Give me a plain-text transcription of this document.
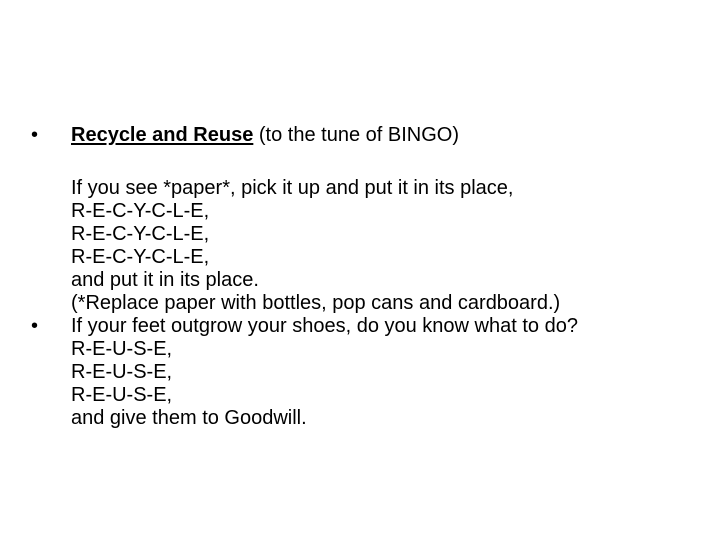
•	Recycle and Reuse (to the tune of BINGO)
If you see *paper*, pick it up and put it in its place,
R-E-C-Y-C-L-E,
R-E-C-Y-C-L-E,
R-E-C-Y-C-L-E,
and put it in its place.
(*Replace paper with bottles, pop cans and cardboard.)
•	If your feet outgrow your shoes, do you know what to do?
R-E-U-S-E,
R-E-U-S-E,
R-E-U-S-E,
and give them to Goodwill.
